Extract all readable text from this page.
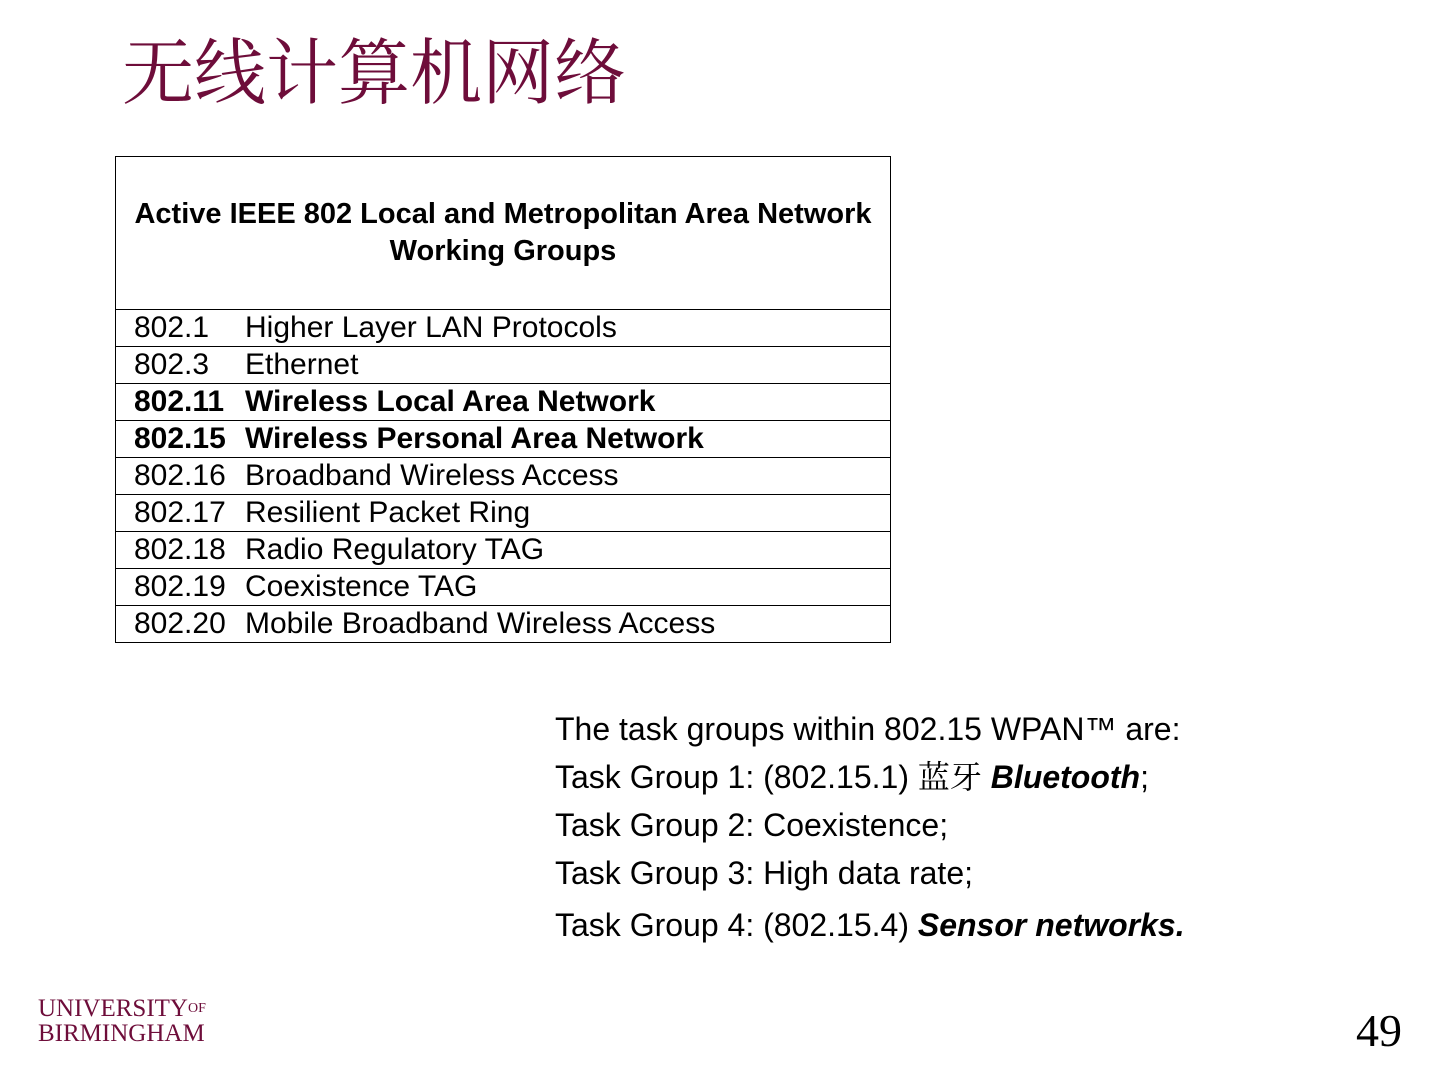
无线计算机网络
Active IEEE 802 Local and Metropolitan Area Network Working Groups
802.1 Higher Layer LAN Protocols
802.3 Ethernet
802.11 Wireless Local Area Network
802.15 Wireless Personal Area Network
802.16 Broadband Wireless Access
802.17 Resilient Packet Ring
802.18 Radio Regulatory TAG
802.19 Coexistence TAG
802.20 Mobile Broadband Wireless Access
The task groups within 802.15 WPAN™ are:
Task Group 1: (802.15.1) 蓝牙 Bluetooth;
Task Group 2: Coexistence;
Task Group 3: High data rate;
Task Group 4: (802.15.4) Sensor networks.
$UNIVERSITY^{OF}$
BIRMINGHAM	49
